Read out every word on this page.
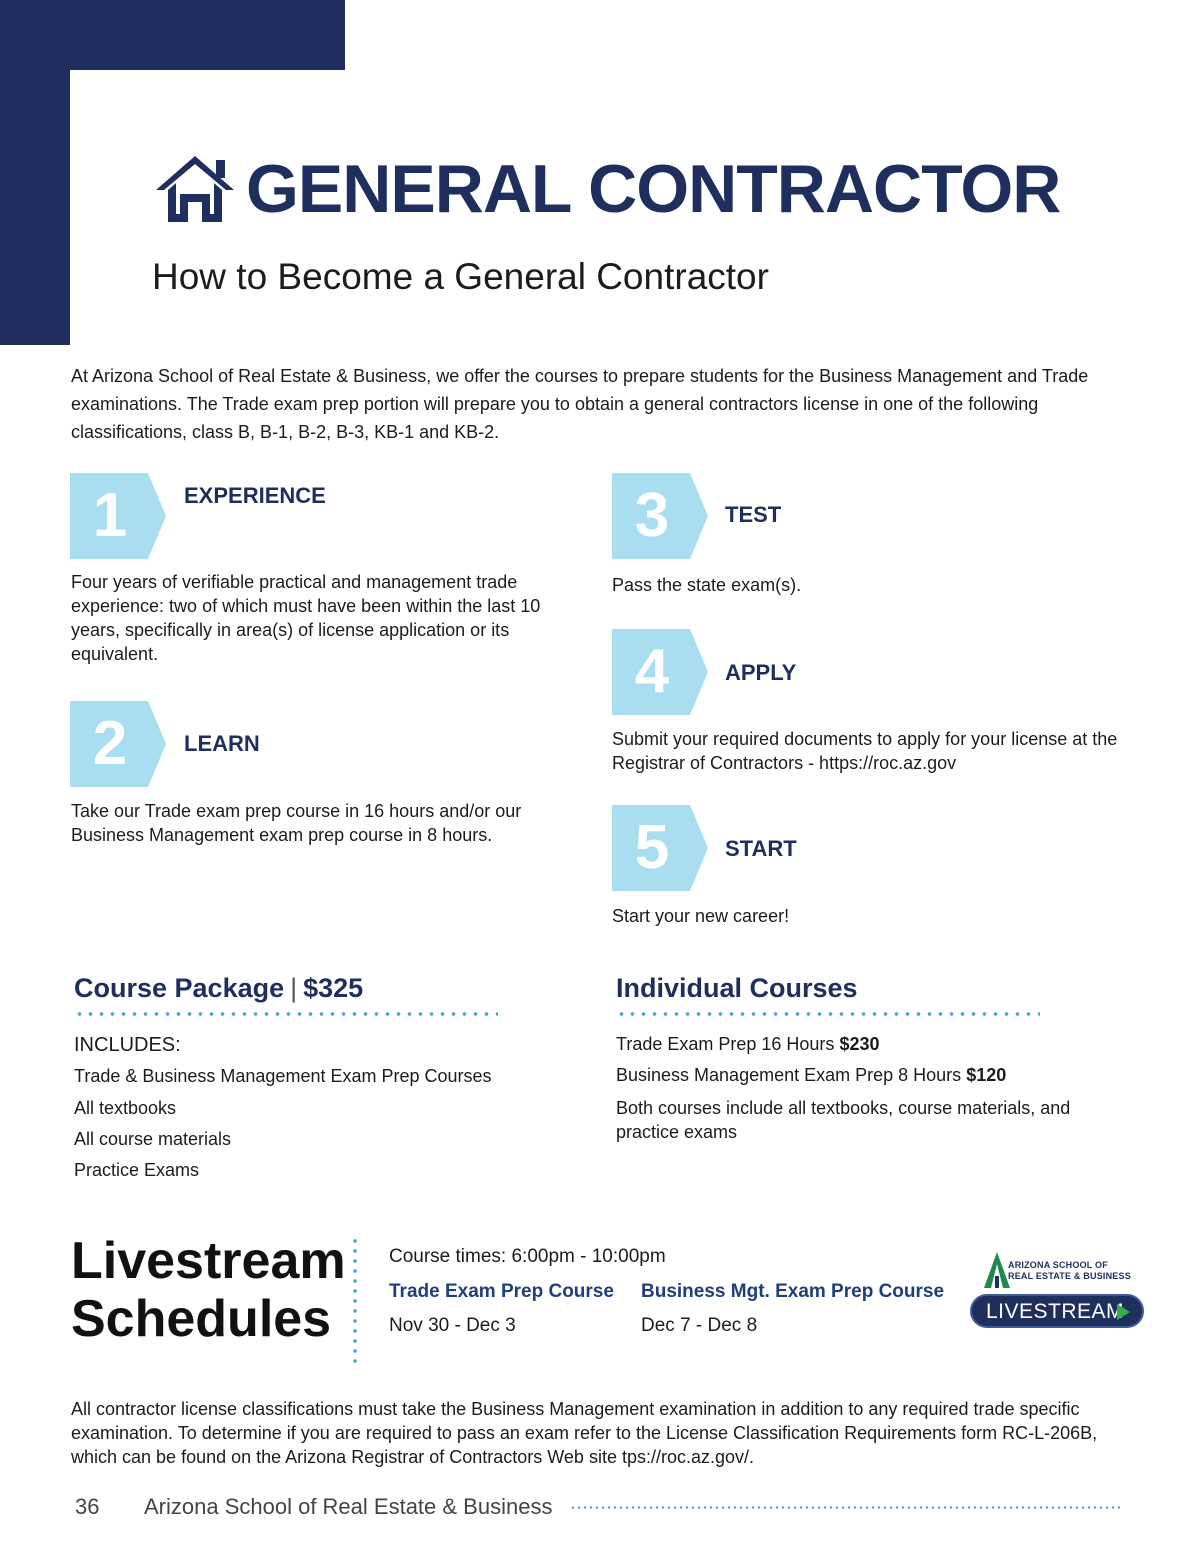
GENERAL CONTRACTOR
How to Become a General Contractor

At Arizona School of Real Estate & Business, we offer the courses to prepare students for the Business Management and Trade examinations. The Trade exam prep portion will prepare you to obtain a general contractors license in one of the following classifications, class B, B-1, B-2, B-3, KB-1 and KB-2.

1	EXPERIENCE
Four years of verifiable practical and management trade experience: two of which must have been within the last 10 years, specifically in area(s) of license application or its equivalent.
2	LEARN
Take our Trade exam prep course in 16 hours and/or our Business Management exam prep course in 8 hours.
3	TEST
Pass the state exam(s).
4	APPLY
Submit your required documents to apply for your license at the Registrar of Contractors - https://roc.az.gov
5	START
Start your new career!
Course Package | $325
INCLUDES:
Trade & Business Management Exam Prep Courses
All textbooks
All course materials
Practice Exams
Individual Courses
Trade Exam Prep 16 Hours $230
Business Management Exam Prep 8 Hours $120
Both courses include all textbooks, course materials, and practice exams
Livestream
Schedules
Course times: 6:00pm - 10:00pm
Trade Exam Prep Course
Nov 30 - Dec 3
Business Mgt. Exam Prep Course
Dec 7 - Dec 8
ARIZONA SCHOOL OF
REAL ESTATE & BUSINESS
LIVESTREAM

All contractor license classifications must take the Business Management examination in addition to any required trade specific examination. To determine if you are required to pass an exam refer to the License Classification Requirements form RC-L-206B, which can be found on the Arizona Registrar of Contractors Web site tps://roc.az.gov/.

36 Arizona School of Real Estate & Business
